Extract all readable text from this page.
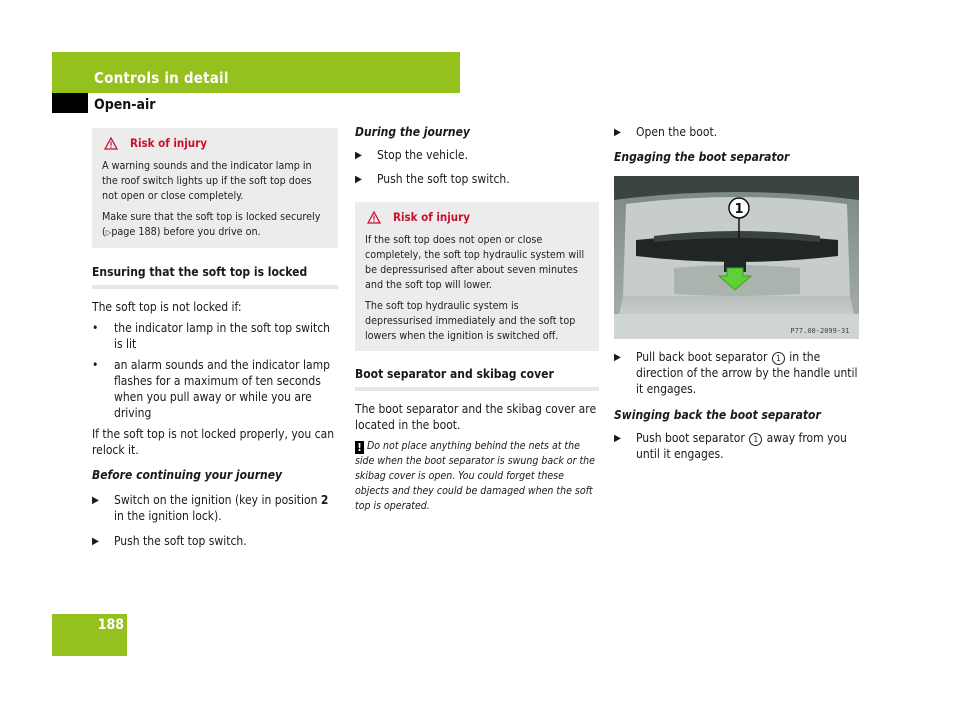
Controls in detail
Open-air
Risk of injury

A warning sounds and the indicator lamp in the roof switch lights up if the soft top does not open or close completely.

Make sure that the soft top is locked securely (▷page 188) before you drive on.

Ensuring that the soft top is locked

The soft top is not locked if:

•	the indicator lamp in the soft top switch is lit
•	an alarm sounds and the indicator lamp flashes for a maximum of ten seconds when you pull away or while you are driving

If the soft top is not locked properly, you can relock it.

Before continuing your journey

▶	Switch on the ignition (key in position 2 in the ignition lock).
▶	Push the soft top switch.

During the journey

▶	Stop the vehicle.
▶	Push the soft top switch.
Risk of injury

If the soft top does not open or close completely, the soft top hydraulic system will be depressurised after about seven minutes and the soft top will lower.

The soft top hydraulic system is depressurised immediately and the soft top lowers when the ignition is switched off.

Boot separator and skibag cover

The boot separator and the skibag cover are located in the boot.

! Do not place anything behind the nets at the side when the boot separator is swung back or the skibag cover is open. You could forget these objects and they could be damaged when the soft top is operated.

▶	Open the boot.

Engaging the boot separator

1
P77.00-2099-31
▶	Pull back boot separator 1 in the direction of the arrow by the handle until it engages.

Swinging back the boot separator

▶	Push boot separator 1 away from you until it engages.
188
